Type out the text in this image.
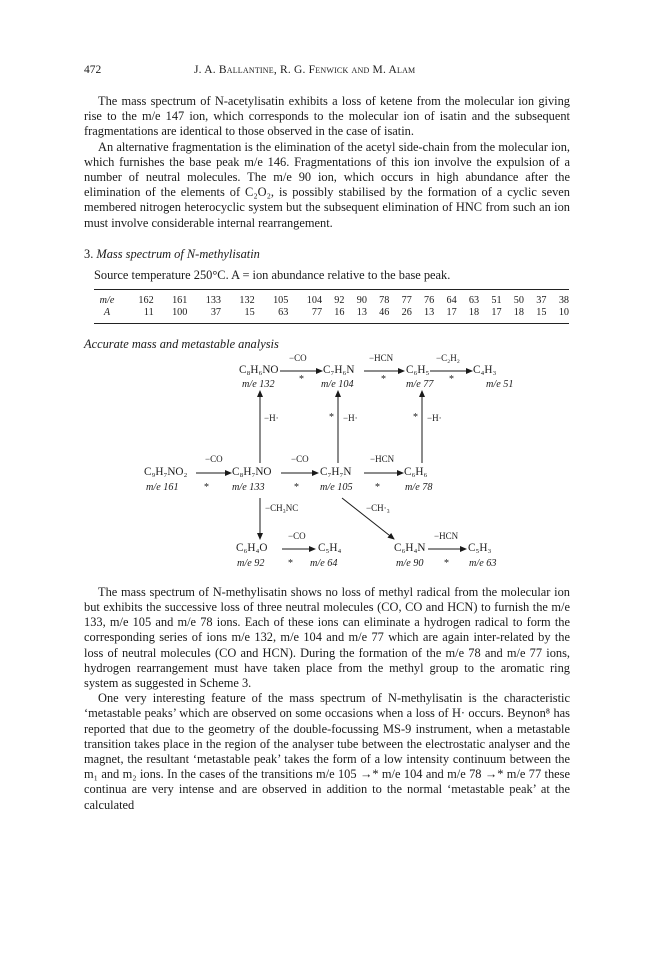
472	J. A. Ballantine, R. G. Fenwick and M. Alam

The mass spectrum of N-acetylisatin exhibits a loss of ketene from the molecular ion giving rise to the m/e 147 ion, which corresponds to the molecular ion of isatin and the subsequent fragmentations are identical to those observed in the case of isatin.

An alternative fragmentation is the elimination of the acetyl side-chain from the molecular ion, which furnishes the base peak m/e 146. Fragmentations of this ion involve the expulsion of a number of neutral molecules. The m/e 90 ion, which occurs in high abundance after the elimination of the elements of C₂O₂, is possibly stabilised by the formation of a cyclic seven membered nitrogen heterocyclic system but the subsequent elimination of HNC from such an ion must involve considerable internal rearrangement.

3. Mass spectrum of N-methylisatin
Source temperature 250°C. A = ion abundance relative to the base peak.
m/e	162	161	133	132	105	104	92	90	78	77	76	64	63	51	50	37	38
A	11	100	37	15	63	77	16	13	46	26	13	17	18	17	18	15	10
Accurate mass and metastable analysis
−CO	−HCN	−C₂H₂
C₈H₆NO	C₇H₆N	C₆H₅	C₄H₃
*	*	*
m/e 132	m/e 104	m/e 77	m/e 51
−H·	−H·	−H·
*	*
−CO	−CO	−HCN
C₉H₇NO₂	C₈H₇NO	C₇H₇N	C₆H₆
m/e 161	* m/e 133	* m/e 105 * m/e 78
−CH₃NC	−CH·₃
−CO	−HCN
C₆H₄O	C₅H₄	C₆H₄N	C₅H₃
m/e 92 * m/e 64	m/e 90 * m/e 63

The mass spectrum of N-methylisatin shows no loss of methyl radical from the molecular ion but exhibits the successive loss of three neutral molecules (CO, CO and HCN) to furnish the m/e 133, m/e 105 and m/e 78 ions. Each of these ions can eliminate a hydrogen radical to form the corresponding series of ions m/e 132, m/e 104 and m/e 77 which are again inter-related by the loss of neutral molecules (CO and HCN). During the formation of the m/e 78 and m/e 77 ions, hydrogen rearrangement must have taken place from the methyl group to the aromatic ring system as suggested in Scheme 3.

One very interesting feature of the mass spectrum of N-methylisatin is the characteristic ‘metastable peaks’ which are observed on some occasions when a loss of H· occurs. Beynon⁸ has reported that due to the geometry of the double-focussing MS-9 instrument, when a metastable transition takes place in the region of the analyser tube between the electrostatic analyser and the magnet, the resultant ‘metastable peak’ takes the form of a low intensity continuum between the m₁ and m₂ ions. In the cases of the transitions m/e 105 →* m/e 104 and m/e 78 →* m/e 77 these continua are very intense and are observed in addition to the normal ‘metastable peak’ at the calculated
